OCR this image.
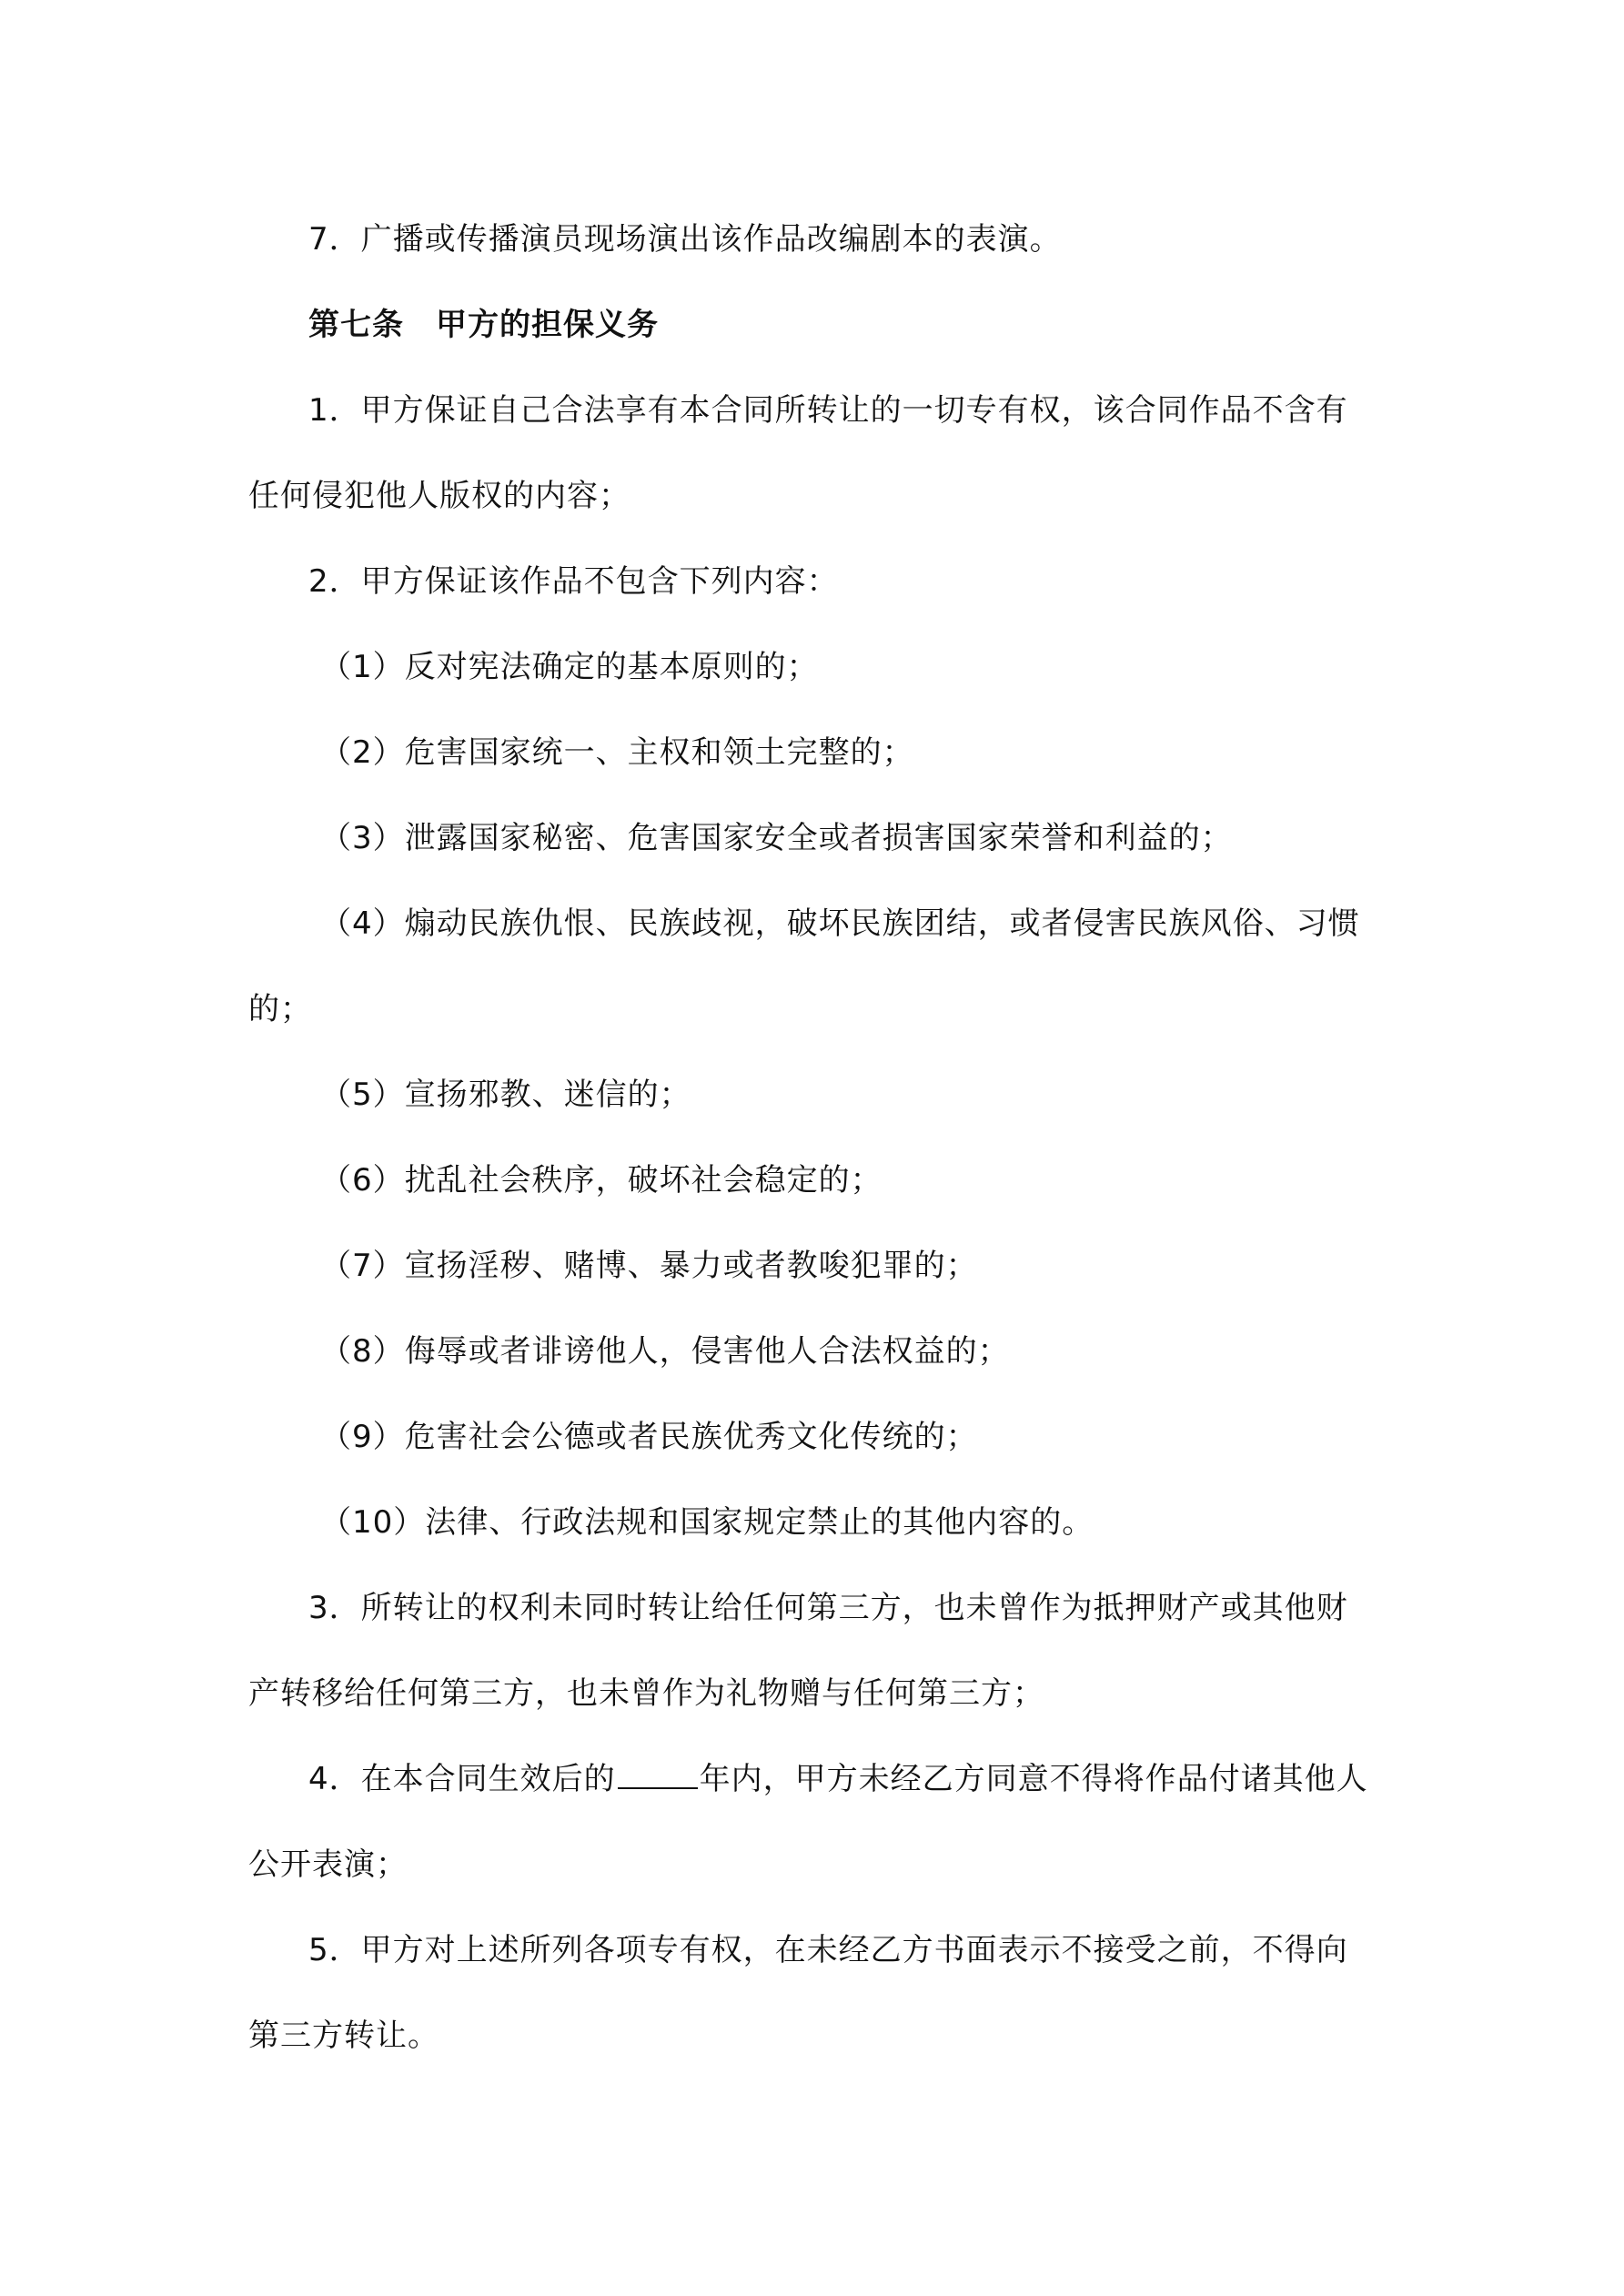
7．广播或传播演员现场演出该作品改编剧本的表演。
第七条　甲方的担保义务
1．甲方保证自己合法享有本合同所转让的一切专有权，该合同作品不含有
任何侵犯他人版权的内容；
2．甲方保证该作品不包含下列内容：
（1）反对宪法确定的基本原则的；
（2）危害国家统一、主权和领土完整的；
（3）泄露国家秘密、危害国家安全或者损害国家荣誉和利益的；
（4）煽动民族仇恨、民族歧视，破坏民族团结，或者侵害民族风俗、习惯
的；
（5）宣扬邪教、迷信的；
（6）扰乱社会秩序，破坏社会稳定的；
（7）宣扬淫秽、赌博、暴力或者教唆犯罪的；
（8）侮辱或者诽谤他人，侵害他人合法权益的；
（9）危害社会公德或者民族优秀文化传统的；
（10）法律、行政法规和国家规定禁止的其他内容的。
3．所转让的权利未同时转让给任何第三方，也未曾作为抵押财产或其他财
产转移给任何第三方，也未曾作为礼物赠与任何第三方；
4．在本合同生效后的	年内，甲方未经乙方同意不得将作品付诸其他人
公开表演；
5．甲方对上述所列各项专有权，在未经乙方书面表示不接受之前，不得向
第三方转让。
